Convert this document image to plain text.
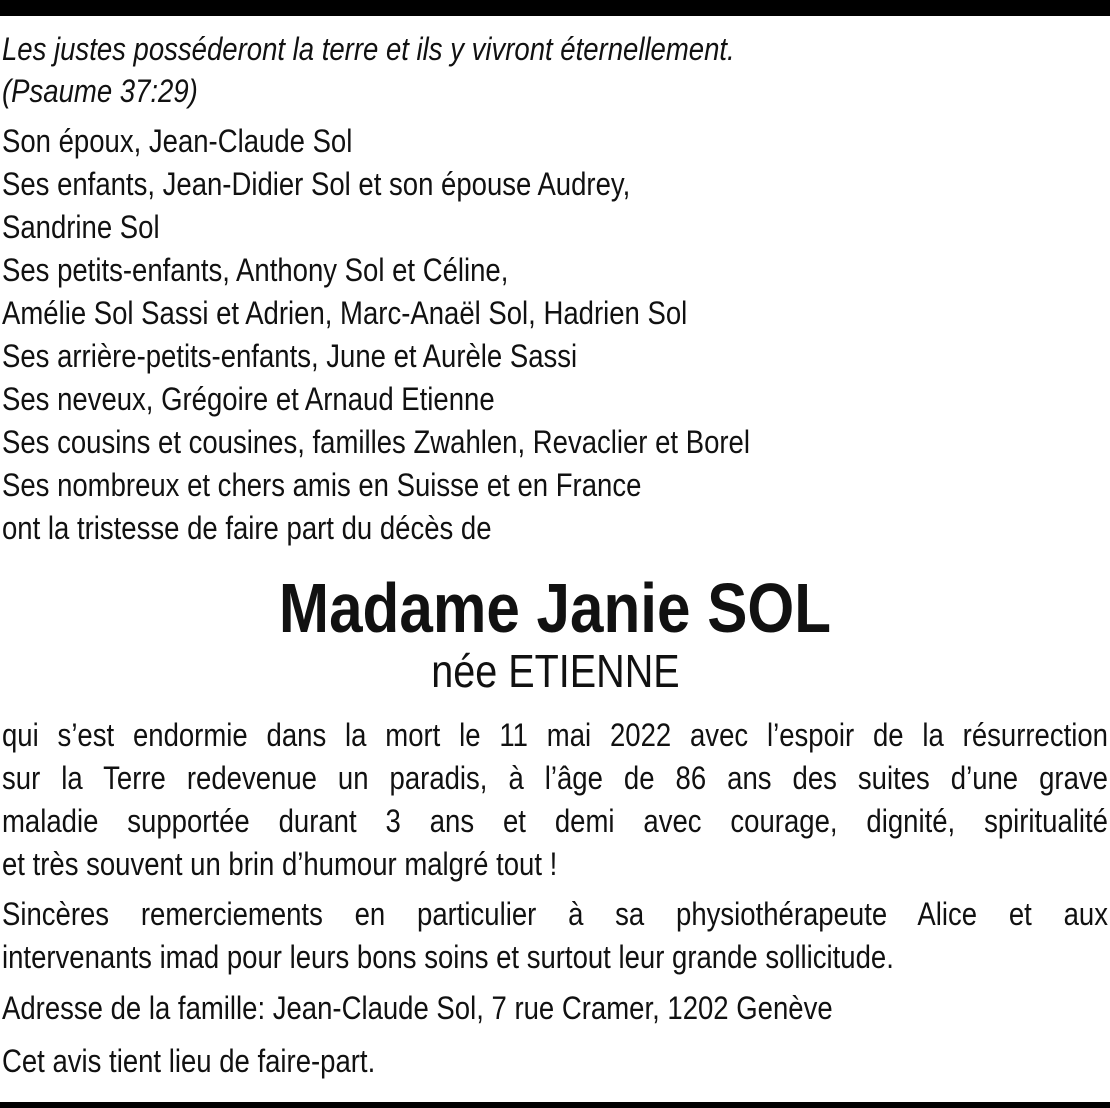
Les justes posséderont la terre et ils y vivront éternellement.
(Psaume 37:29)
Son époux, Jean-Claude Sol
Ses enfants, Jean-Didier Sol et son épouse Audrey,
Sandrine Sol
Ses petits-enfants, Anthony Sol et Céline,
Amélie Sol Sassi et Adrien, Marc-Anaël Sol, Hadrien Sol
Ses arrière-petits-enfants, June et Aurèle Sassi
Ses neveux, Grégoire et Arnaud Etienne
Ses cousins et cousines, familles Zwahlen, Revaclier et Borel
Ses nombreux et chers amis en Suisse et en France
ont la tristesse de faire part du décès de
Madame Janie SOL
née ETIENNE
qui s’est endormie dans la mort le 11 mai 2022 avec l’espoir de la résurrection
sur la Terre redevenue un paradis, à l’âge de 86 ans des suites d’une grave
maladie supportée durant 3 ans et demi avec courage, dignité, spiritualité
et très souvent un brin d’humour malgré tout !
Sincères remerciements en particulier à sa physiothérapeute Alice et aux
intervenants imad pour leurs bons soins et surtout leur grande sollicitude.
Adresse de la famille: Jean-Claude Sol, 7 rue Cramer, 1202 Genève
Cet avis tient lieu de faire-part.
